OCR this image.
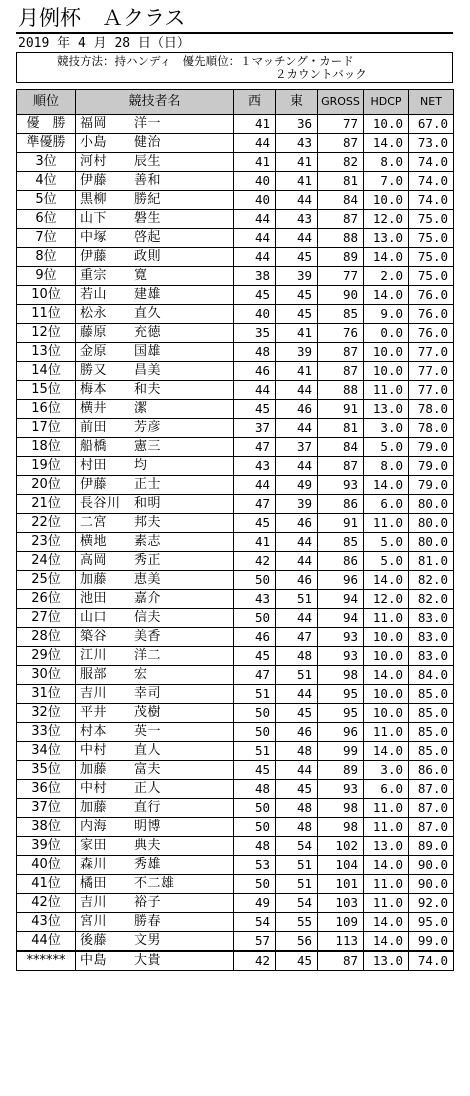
月例杯　Ａクラス
2019 年 4 月 28 日（日）
競技方法：持ハンディ　優先順位：１マッチング・カード
２カウントバック
順位	競技者名	西	東	GROSS	HDCP	NET
優　勝	福岡　　洋一	41	36	77	10.0	67.0
準優勝	小島　　健治	44	43	87	14.0	73.0
3位	河村　　辰生	41	41	82	8.0	74.0
4位	伊藤　　善和	40	41	81	7.0	74.0
5位	黒柳　　勝紀	40	44	84	10.0	74.0
6位	山下　　磐生	44	43	87	12.0	75.0
7位	中塚　　啓起	44	44	88	13.0	75.0
8位	伊藤　　政則	44	45	89	14.0	75.0
9位	重宗　　寛	38	39	77	2.0	75.0
10位	若山　　建雄	45	45	90	14.0	76.0
11位	松永　　直久	40	45	85	9.0	76.0
12位	藤原　　充徳	35	41	76	0.0	76.0
13位	金原　　国雄	48	39	87	10.0	77.0
14位	勝又　　昌美	46	41	87	10.0	77.0
15位	梅本　　和夫	44	44	88	11.0	77.0
16位	横井　　潔	45	46	91	13.0	78.0
17位	前田　　芳彦	37	44	81	3.0	78.0
18位	船橋　　憲三	47	37	84	5.0	79.0
19位	村田　　均	43	44	87	8.0	79.0
20位	伊藤　　正士	44	49	93	14.0	79.0
21位	長谷川　和明	47	39	86	6.0	80.0
22位	二宮　　邦夫	45	46	91	11.0	80.0
23位	横地　　素志	41	44	85	5.0	80.0
24位	高岡　　秀正	42	44	86	5.0	81.0
25位	加藤　　恵美	50	46	96	14.0	82.0
26位	池田　　嘉介	43	51	94	12.0	82.0
27位	山口　　信夫	50	44	94	11.0	83.0
28位	築谷　　美香	46	47	93	10.0	83.0
29位	江川　　洋二	45	48	93	10.0	83.0
30位	服部　　宏	47	51	98	14.0	84.0
31位	吉川　　幸司	51	44	95	10.0	85.0
32位	平井　　茂樹	50	45	95	10.0	85.0
33位	村本　　英一	50	46	96	11.0	85.0
34位	中村　　直人	51	48	99	14.0	85.0
35位	加藤　　富夫	45	44	89	3.0	86.0
36位	中村　　正人	48	45	93	6.0	87.0
37位	加藤　　直行	50	48	98	11.0	87.0
38位	内海　　明博	50	48	98	11.0	87.0
39位	家田　　典夫	48	54	102	13.0	89.0
40位	森川　　秀雄	53	51	104	14.0	90.0
41位	橘田　　不二雄	50	51	101	11.0	90.0
42位	吉川　　裕子	49	54	103	11.0	92.0
43位	宮川　　勝春	54	55	109	14.0	95.0
44位	後藤　　文男	57	56	113	14.0	99.0
******	中島　　大貴	42	45	87	13.0	74.0
